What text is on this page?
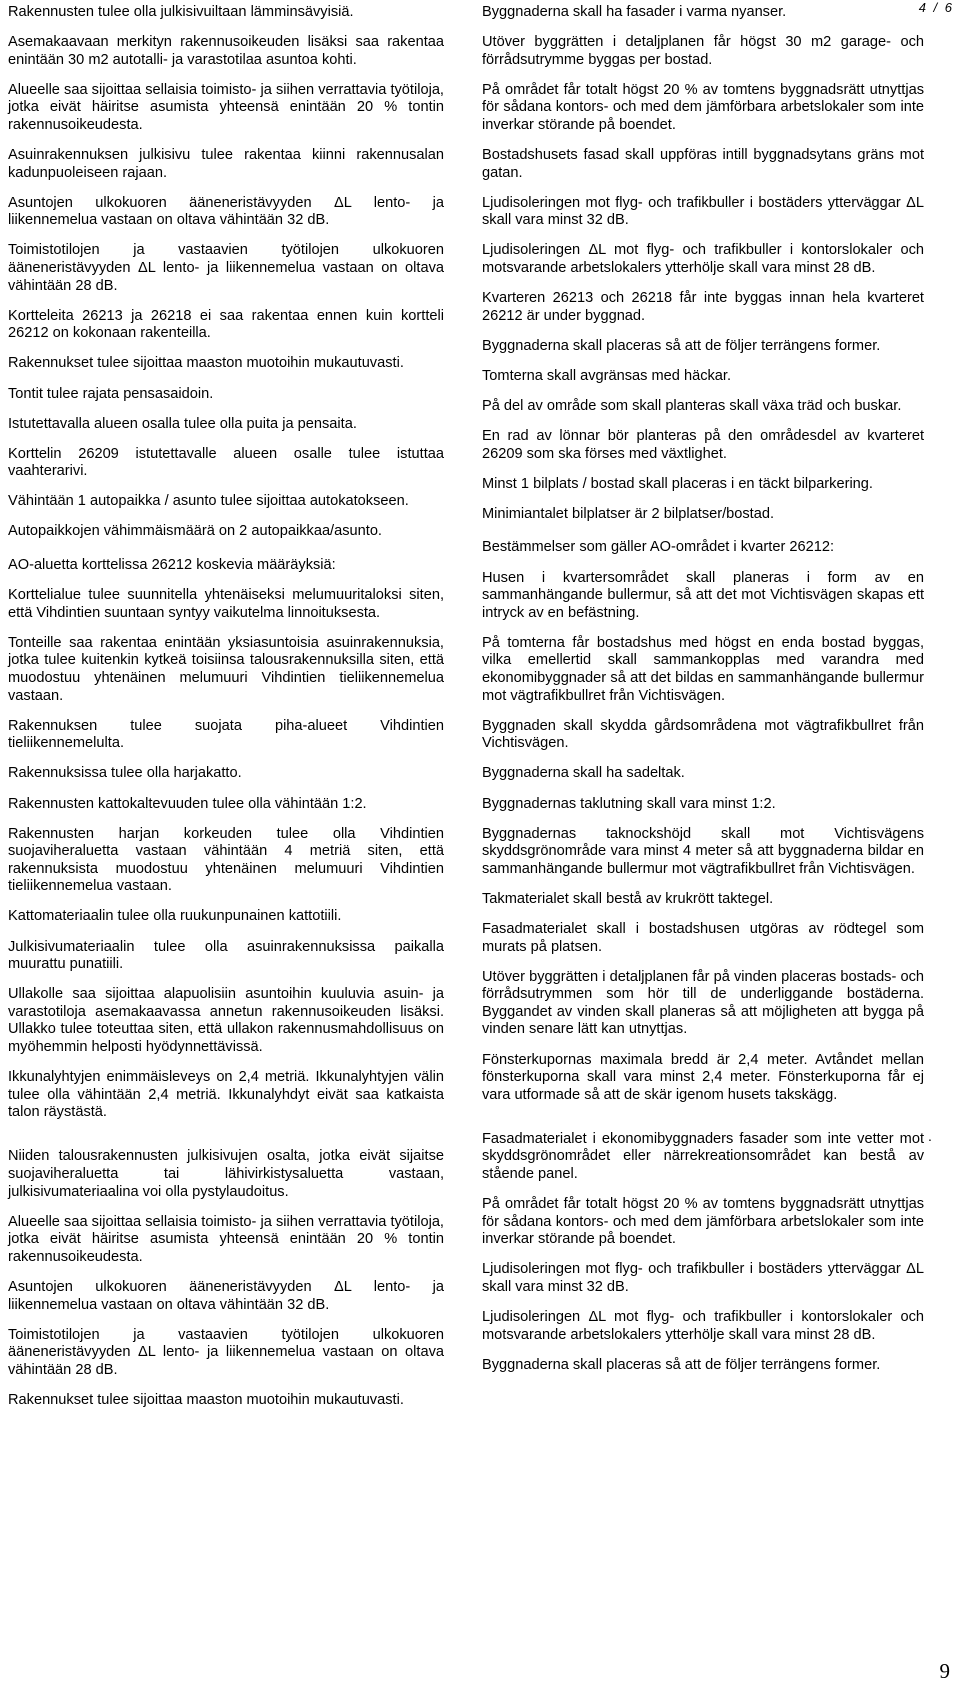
4 / 6

Rakennusten tulee olla julkisivuiltaan lämminsävyisiä.

Asemakaavaan merkityn rakennusoikeuden lisäksi saa rakentaa enintään 30 m2 autotalli- ja varastotilaa asuntoa kohti.

Alueelle saa sijoittaa sellaisia toimisto- ja siihen verrattavia työtiloja, jotka eivät häiritse asumista yhteensä enintään 20 % tontin rakennusoikeudesta.

Asuinrakennuksen julkisivu tulee rakentaa kiinni rakennusalan kadunpuoleiseen rajaan.

Asuntojen ulkokuoren ääneneristävyyden ΔL lento- ja liikennemelua vastaan on oltava vähintään 32 dB.

Toimistotilojen ja vastaavien työtilojen ulkokuoren ääneneristävyyden ΔL lento- ja liikennemelua vastaan on oltava vähintään 28 dB.

Kortteleita 26213 ja 26218 ei saa rakentaa ennen kuin kortteli 26212 on kokonaan rakenteilla.

Rakennukset tulee sijoittaa maaston muotoihin mukautuvasti.

Tontit tulee rajata pensasaidoin.

Istutettavalla alueen osalla tulee olla puita ja pensaita.

Korttelin 26209 istutettavalle alueen osalle tulee istuttaa vaahterarivi.

Vähintään 1 autopaikka / asunto tulee sijoittaa autokatokseen.

Autopaikkojen vähimmäismäärä on 2 autopaikkaa/asunto.

AO-aluetta korttelissa 26212 koskevia määräyksiä:

Korttelialue tulee suunnitella yhtenäiseksi melumuuritaloksi siten, että Vihdintien suuntaan syntyy vaikutelma linnoituksesta.

Tonteille saa rakentaa enintään yksiasuntoisia asuinrakennuksia, jotka tulee kuitenkin kytkeä toisiinsa talousrakennuksilla siten, että muodostuu yhtenäinen melumuuri Vihdintien tieliikennemelua vastaan.

Rakennuksen tulee suojata piha-alueet Vihdintien tieliikennemelulta.

Rakennuksissa tulee olla harjakatto.

Rakennusten kattokaltevuuden tulee olla vähintään 1:2.

Rakennusten harjan korkeuden tulee olla Vihdintien suojaviheraluetta vastaan vähintään 4 metriä siten, että rakennuksista muodostuu yhtenäinen melumuuri Vihdintien tieliikennemelua vastaan.

Kattomateriaalin tulee olla ruukunpunainen kattotiili.

Julkisivumateriaalin tulee olla asuinrakennuksissa paikalla muurattu punatiili.

Ullakolle saa sijoittaa alapuolisiin asuntoihin kuuluvia asuin- ja varastotiloja asemakaavassa annetun rakennusoikeuden lisäksi. Ullakko tulee toteuttaa siten, että ullakon rakennusmahdollisuus on myöhemmin helposti hyödynnettävissä.

Ikkunalyhtyjen enimmäisleveys on 2,4 metriä. Ikkunalyhtyjen välin tulee olla vähintään 2,4 metriä. Ikkunalyhdyt eivät saa katkaista talon räystästä.

Niiden talousrakennusten julkisivujen osalta, jotka eivät sijaitse suojaviheraluetta tai lähivirkistysaluetta vastaan, julkisivumateriaalina voi olla pystylaudoitus.

Alueelle saa sijoittaa sellaisia toimisto- ja siihen verrattavia työtiloja, jotka eivät häiritse asumista yhteensä enintään 20 % tontin rakennusoikeudesta.

Asuntojen ulkokuoren ääneneristävyyden ΔL lento- ja liikennemelua vastaan on oltava vähintään 32 dB.

Toimistotilojen ja vastaavien työtilojen ulkokuoren ääneneristävyyden ΔL lento- ja liikennemelua vastaan on oltava vähintään 28 dB.

Rakennukset tulee sijoittaa maaston muotoihin mukautuvasti.

Byggnaderna skall ha fasader i varma nyanser.

Utöver byggrätten i detaljplanen får högst 30 m2 garage- och förrådsutrymme byggas per bostad.

På området får totalt högst 20 % av tomtens byggnadsrätt utnyttjas för sådana kontors- och med dem jämförbara arbetslokaler som inte inverkar störande på boendet.

Bostadshusets fasad skall uppföras intill byggnadsytans gräns mot gatan.

Ljudisoleringen mot flyg- och trafikbuller i bostäders ytterväggar ΔL skall vara minst 32 dB.

Ljudisoleringen ΔL mot flyg- och trafikbuller i kontorslokaler och motsvarande arbetslokalers ytterhölje skall vara minst 28 dB.

Kvarteren 26213 och 26218 får inte byggas innan hela kvarteret 26212 är under byggnad.

Byggnaderna skall placeras så att de följer terrängens former.

Tomterna skall avgränsas med häckar.

På del av område som skall planteras skall växa träd och buskar.

En rad av lönnar bör planteras på den områdesdel av kvarteret 26209 som ska förses med växtlighet.

Minst 1 bilplats / bostad skall placeras i en täckt bilparkering.

Minimiantalet bilplatser är 2 bilplatser/bostad.

Bestämmelser som gäller AO-området i kvarter 26212:

Husen i kvartersområdet skall planeras i form av en sammanhängande bullermur, så att det mot Vichtisvägen skapas ett intryck av en befästning.

På tomterna får bostadshus med högst en enda bostad byggas, vilka emellertid skall sammankopplas med varandra med ekonomibyggnader så att det bildas en sammanhängande bullermur mot vägtrafikbullret från Vichtisvägen.

Byggnaden skall skydda gårdsområdena mot vägtrafikbullret från Vichtisvägen.

Byggnaderna skall ha sadeltak.

Byggnadernas taklutning skall vara minst 1:2.

Byggnadernas taknockshöjd skall mot Vichtisvägens skyddsgrönområde vara minst 4 meter så att byggnaderna bildar en sammanhängande bullermur mot vägtrafikbullret från Vichtisvägen.

Takmaterialet skall bestå av krukrött taktegel.

Fasadmaterialet skall i bostadshusen utgöras av rödtegel som murats på platsen.

Utöver byggrätten i detaljplanen får på vinden placeras bostads- och förrådsutrymmen som hör till de underliggande bostäderna. Byggandet av vinden skall planeras så att möjligheten att byggа på vinden senare lätt kan utnyttjas.

Fönsterkupornas maximala bredd är 2,4 meter. Avtåndet mellan fönsterkuporna skall vara minst 2,4 meter. Fönsterkuporna får ej vara utformade så att de skär igenom husets takskägg.

Fasadmaterialet i ekonomibyggnaders fasader som inte vetter mot skyddsgrönområdet eller närrekreationsområdet kan bestå av stående panel.

På området får totalt högst 20 % av tomtens byggnadsrätt utnyttjas för sådana kontors- och med dem jämförbara arbetslokaler som inte inverkar störande på boendet.

Ljudisoleringen mot flyg- och trafikbuller i bostäders ytterväggar ΔL skall vara minst 32 dB.

Ljudisoleringen ΔL mot flyg- och trafikbuller i kontorslokaler och motsvarande arbetslokalers ytterhölje skall vara minst 28 dB.

Byggnaderna skall placeras så att de följer terrängens former.

.
9
